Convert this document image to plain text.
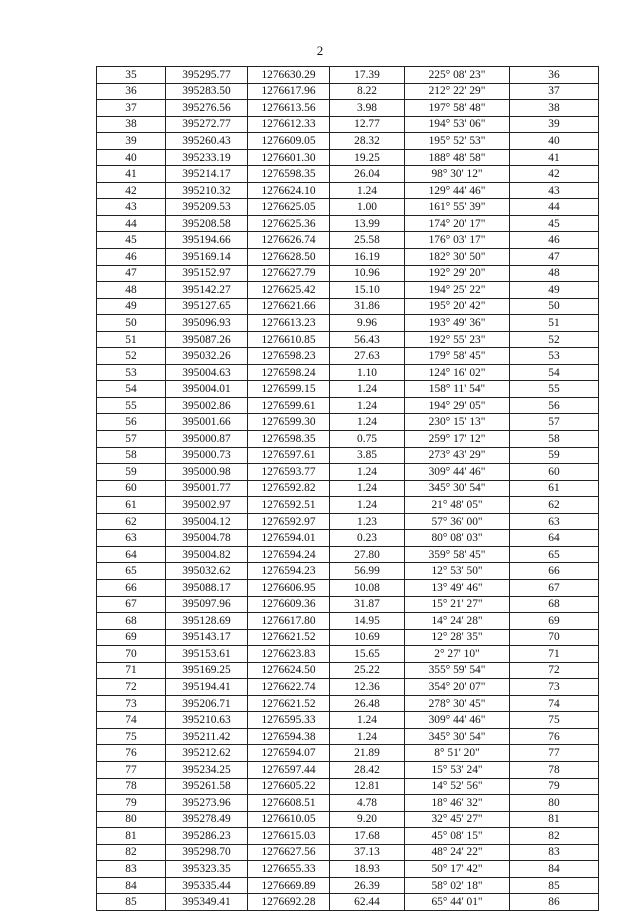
2
35	395295.77	1276630.29	17.39	225° 08' 23"	36
36	395283.50	1276617.96	8.22	212° 22' 29"	37
37	395276.56	1276613.56	3.98	197° 58' 48"	38
38	395272.77	1276612.33	12.77	194° 53' 06"	39
39	395260.43	1276609.05	28.32	195° 52' 53"	40
40	395233.19	1276601.30	19.25	188° 48' 58"	41
41	395214.17	1276598.35	26.04	98° 30' 12"	42
42	395210.32	1276624.10	1.24	129° 44' 46"	43
43	395209.53	1276625.05	1.00	161° 55' 39"	44
44	395208.58	1276625.36	13.99	174° 20' 17"	45
45	395194.66	1276626.74	25.58	176° 03' 17"	46
46	395169.14	1276628.50	16.19	182° 30' 50"	47
47	395152.97	1276627.79	10.96	192° 29' 20"	48
48	395142.27	1276625.42	15.10	194° 25' 22"	49
49	395127.65	1276621.66	31.86	195° 20' 42"	50
50	395096.93	1276613.23	9.96	193° 49' 36"	51
51	395087.26	1276610.85	56.43	192° 55' 23"	52
52	395032.26	1276598.23	27.63	179° 58' 45"	53
53	395004.63	1276598.24	1.10	124° 16' 02"	54
54	395004.01	1276599.15	1.24	158° 11' 54"	55
55	395002.86	1276599.61	1.24	194° 29' 05"	56
56	395001.66	1276599.30	1.24	230° 15' 13"	57
57	395000.87	1276598.35	0.75	259° 17' 12"	58
58	395000.73	1276597.61	3.85	273° 43' 29"	59
59	395000.98	1276593.77	1.24	309° 44' 46"	60
60	395001.77	1276592.82	1.24	345° 30' 54"	61
61	395002.97	1276592.51	1.24	21° 48' 05"	62
62	395004.12	1276592.97	1.23	57° 36' 00"	63
63	395004.78	1276594.01	0.23	80° 08' 03"	64
64	395004.82	1276594.24	27.80	359° 58' 45"	65
65	395032.62	1276594.23	56.99	12° 53' 50"	66
66	395088.17	1276606.95	10.08	13° 49' 46"	67
67	395097.96	1276609.36	31.87	15° 21' 27"	68
68	395128.69	1276617.80	14.95	14° 24' 28"	69
69	395143.17	1276621.52	10.69	12° 28' 35"	70
70	395153.61	1276623.83	15.65	2° 27' 10"	71
71	395169.25	1276624.50	25.22	355° 59' 54"	72
72	395194.41	1276622.74	12.36	354° 20' 07"	73
73	395206.71	1276621.52	26.48	278° 30' 45"	74
74	395210.63	1276595.33	1.24	309° 44' 46"	75
75	395211.42	1276594.38	1.24	345° 30' 54"	76
76	395212.62	1276594.07	21.89	8° 51' 20"	77
77	395234.25	1276597.44	28.42	15° 53' 24"	78
78	395261.58	1276605.22	12.81	14° 52' 56"	79
79	395273.96	1276608.51	4.78	18° 46' 32"	80
80	395278.49	1276610.05	9.20	32° 45' 27"	81
81	395286.23	1276615.03	17.68	45° 08' 15"	82
82	395298.70	1276627.56	37.13	48° 24' 22"	83
83	395323.35	1276655.33	18.93	50° 17' 42"	84
84	395335.44	1276669.89	26.39	58° 02' 18"	85
85	395349.41	1276692.28	62.44	65° 44' 01"	86
